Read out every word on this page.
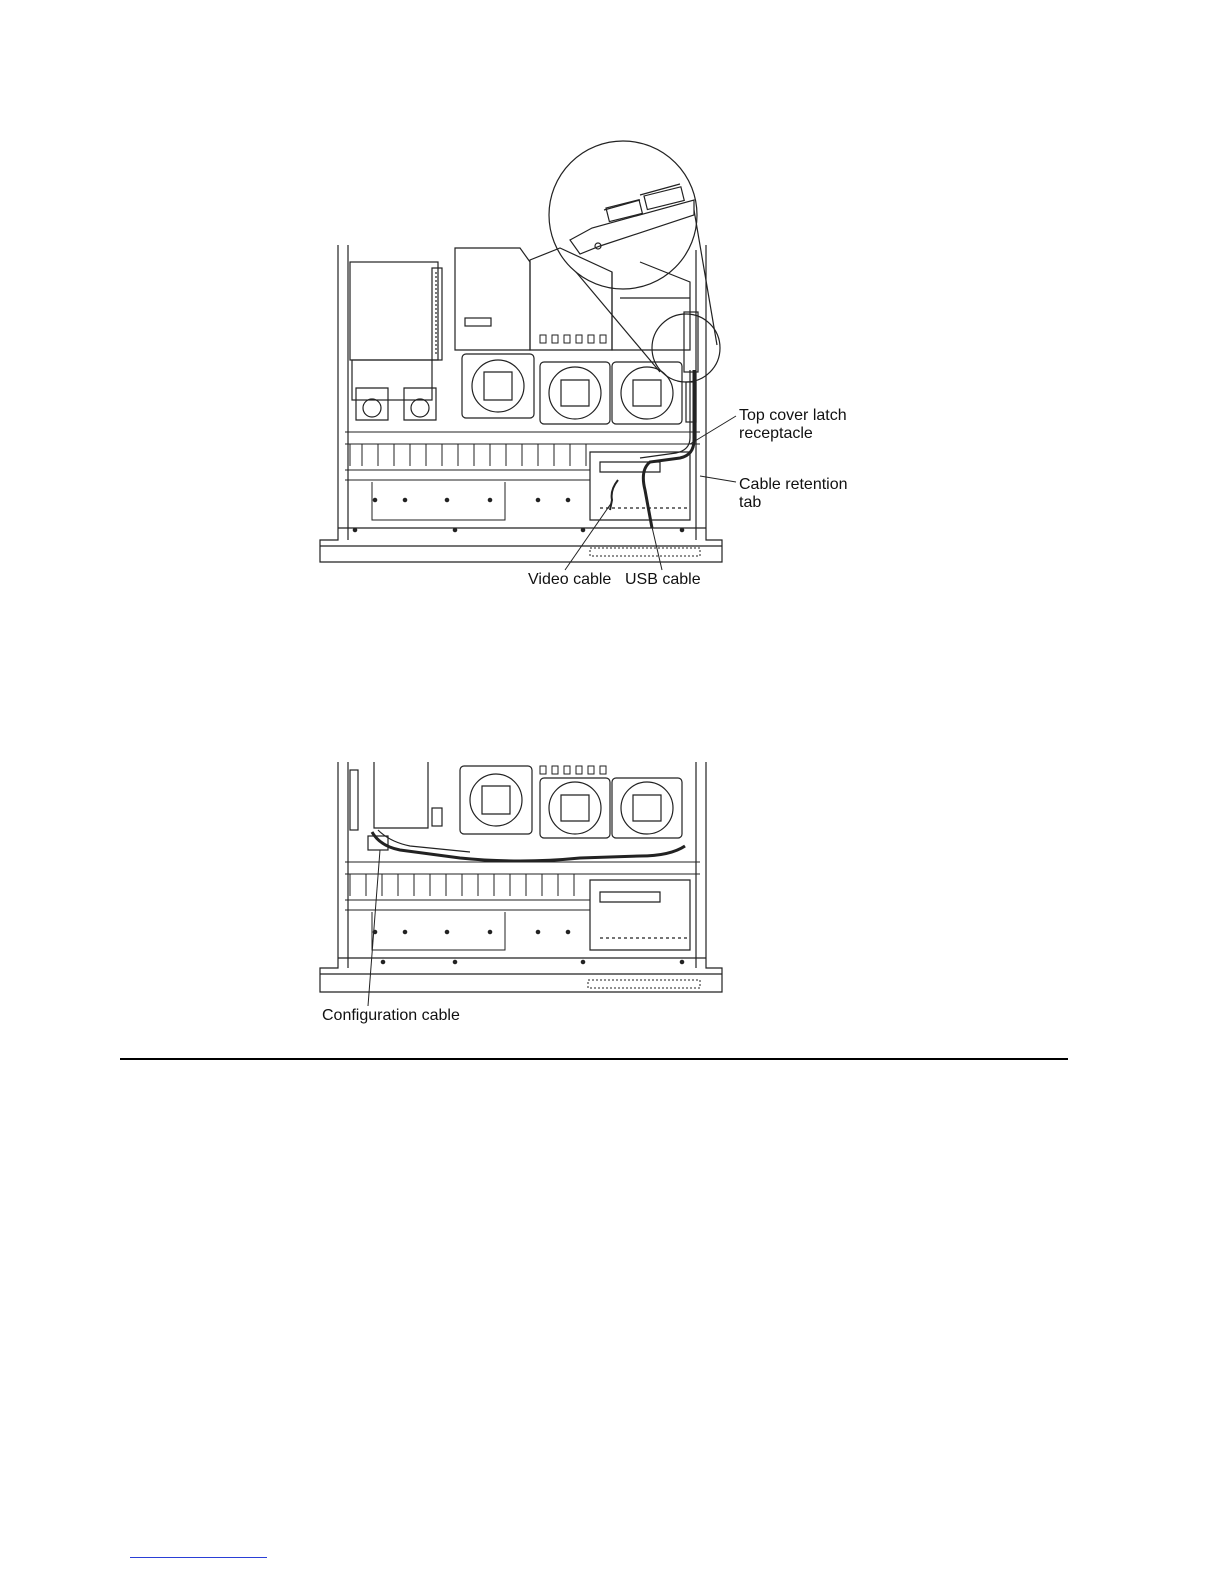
Top cover latch
receptacle
Cable retention
tab
Video cable USB cable
Configuration cable
